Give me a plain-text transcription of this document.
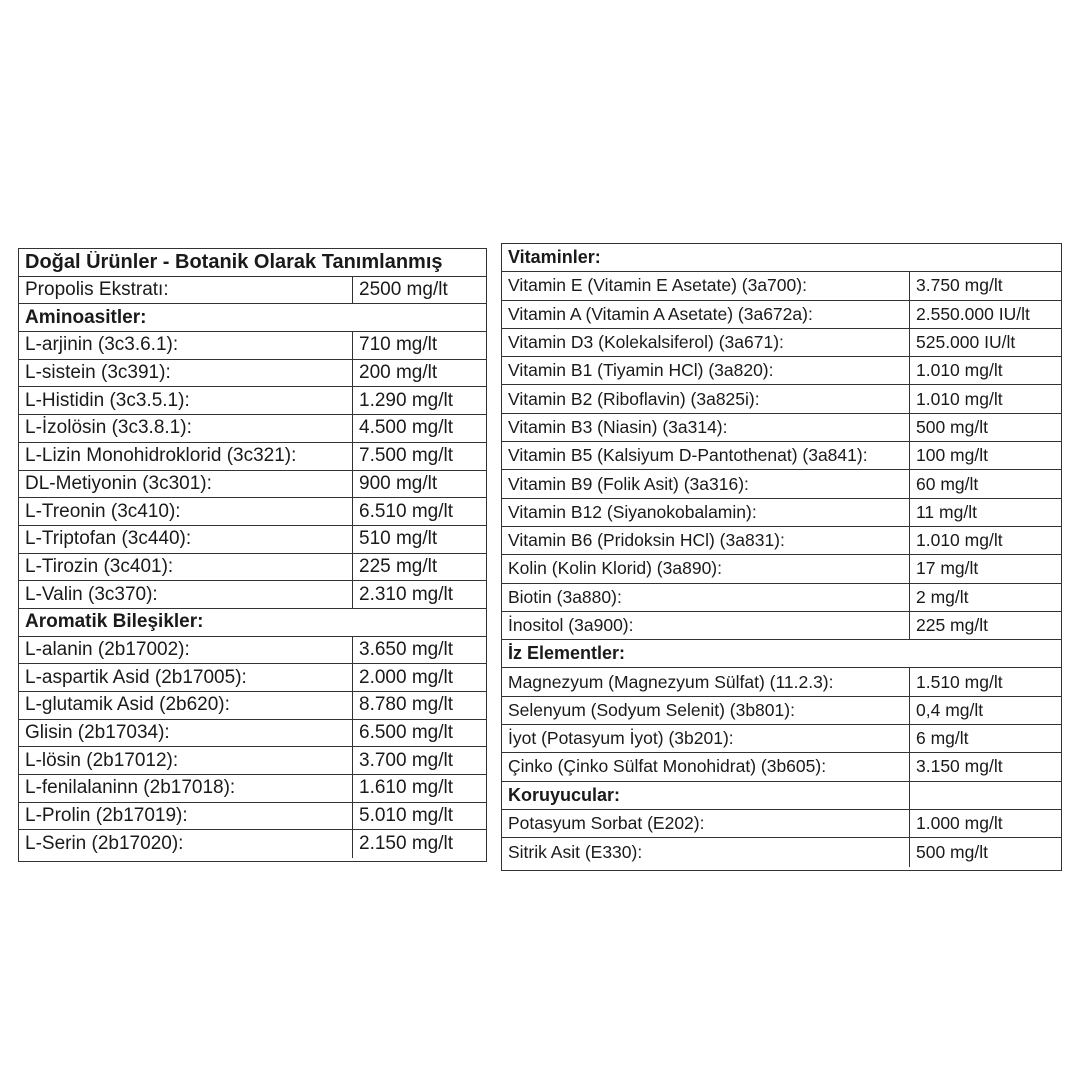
Doğal Ürünler - Botanik Olarak Tanımlanmış
Propolis Ekstratı:	2500 mg/lt
Aminoasitler:
L-arjinin (3c3.6.1):	710 mg/lt
L-sistein (3c391):	200 mg/lt
L-Histidin (3c3.5.1):	1.290 mg/lt
L-İzolösin (3c3.8.1):	4.500 mg/lt
L-Lizin Monohidroklorid (3c321):	7.500 mg/lt
DL-Metiyonin (3c301):	900 mg/lt
L-Treonin (3c410):	6.510 mg/lt
L-Triptofan (3c440):	510 mg/lt
L-Tirozin (3c401):	225 mg/lt
L-Valin (3c370):	2.310 mg/lt
Aromatik Bileşikler:
L-alanin (2b17002):	3.650 mg/lt
L-aspartik Asid (2b17005):	2.000 mg/lt
L-glutamik Asid (2b620):	8.780 mg/lt
Glisin (2b17034):	6.500 mg/lt
L-lösin (2b17012):	3.700 mg/lt
L-fenilalaninn (2b17018):	1.610 mg/lt
L-Prolin (2b17019):	5.010 mg/lt
L-Serin (2b17020):	2.150 mg/lt
Vitaminler:
Vitamin E (Vitamin E Asetate) (3a700):	3.750 mg/lt
Vitamin A (Vitamin A Asetate) (3a672a):	2.550.000 IU/lt
Vitamin D3 (Kolekalsiferol) (3a671):	525.000 IU/lt
Vitamin B1 (Tiyamin HCl) (3a820):	1.010 mg/lt
Vitamin B2 (Riboflavin) (3a825i):	1.010 mg/lt
Vitamin B3 (Niasin) (3a314):	500 mg/lt
Vitamin B5 (Kalsiyum D-Pantothenat) (3a841):	100 mg/lt
Vitamin B9 (Folik Asit) (3a316):	60 mg/lt
Vitamin B12 (Siyanokobalamin):	11 mg/lt
Vitamin B6 (Pridoksin HCl) (3a831):	1.010 mg/lt
Kolin (Kolin Klorid) (3a890):	17 mg/lt
Biotin (3a880):	2 mg/lt
İnositol (3a900):	225 mg/lt
İz Elementler:
Magnezyum (Magnezyum Sülfat) (11.2.3):	1.510 mg/lt
Selenyum (Sodyum Selenit) (3b801):	0,4 mg/lt
İyot (Potasyum İyot) (3b201):	6 mg/lt
Çinko (Çinko Sülfat Monohidrat) (3b605):	3.150 mg/lt
Koruyucular:
Potasyum Sorbat (E202):	1.000 mg/lt
Sitrik Asit (E330):	500 mg/lt
